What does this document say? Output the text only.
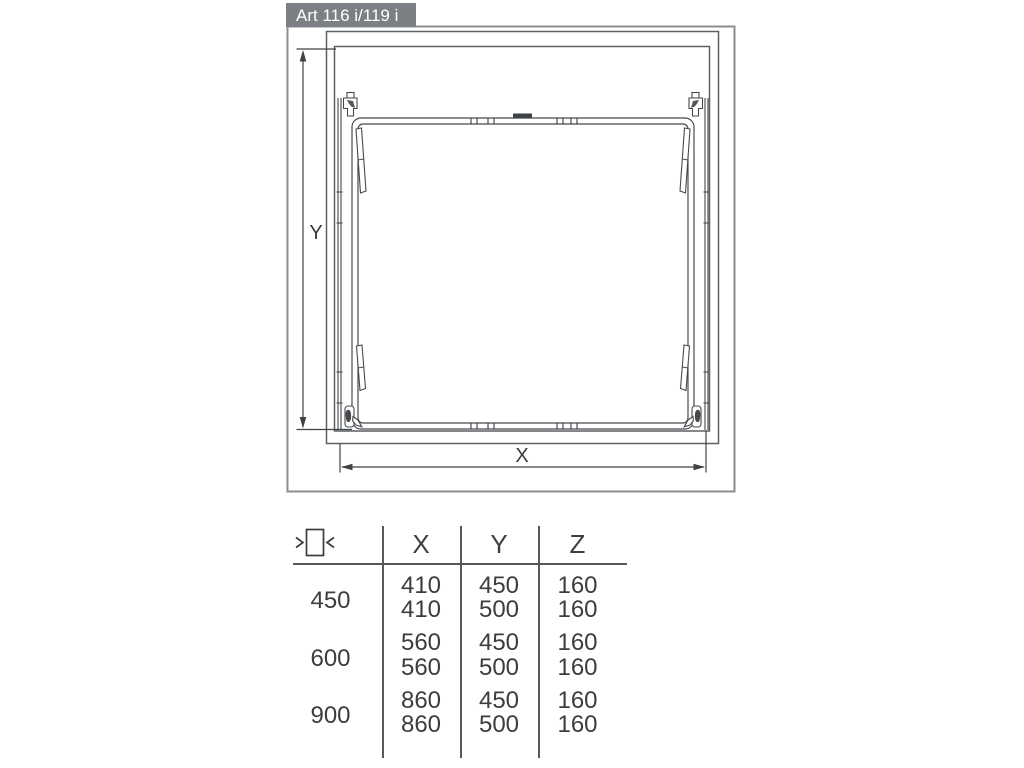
Y
X
Art 116 i/119 i
X	Y	Z
450
410	450	160
410	500	160
600
560	450	160
560	500	160
900
860	450	160
860	500	160
